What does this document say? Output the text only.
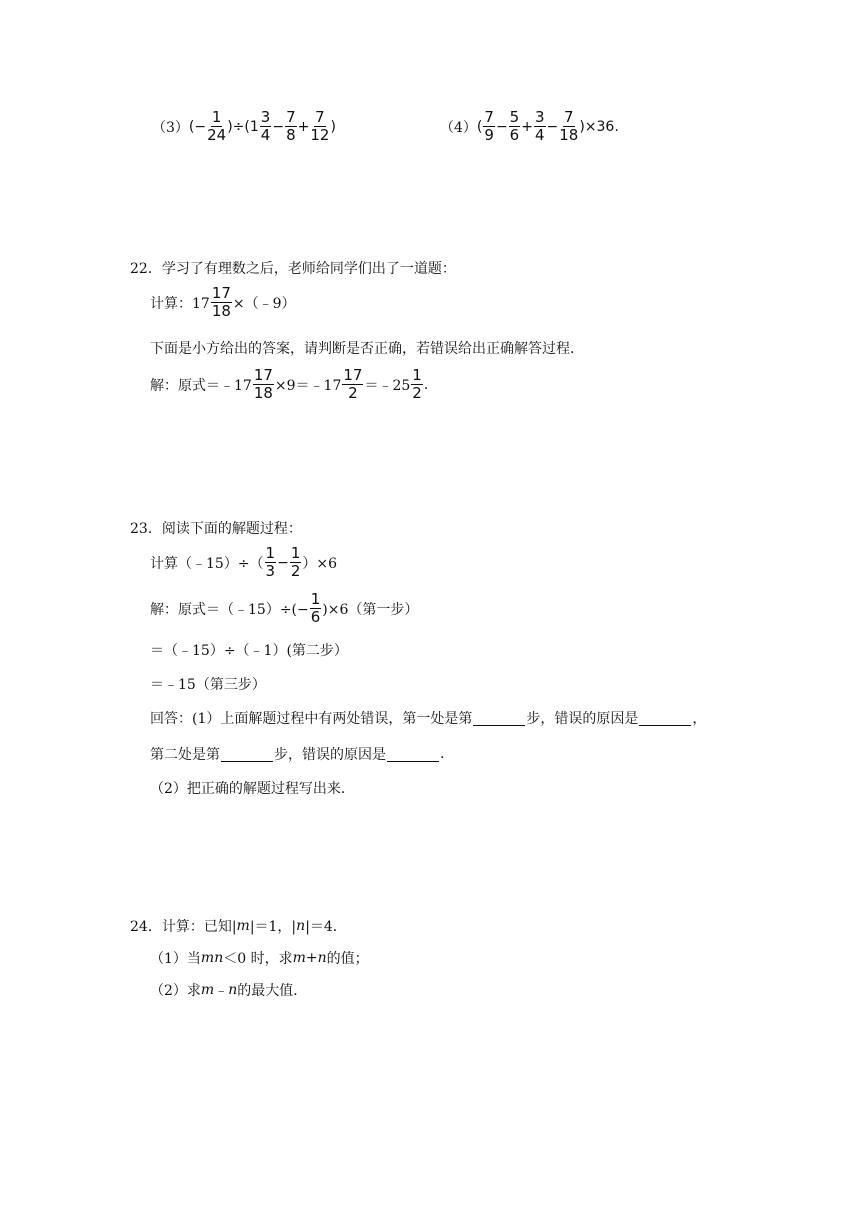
（3） (− $\frac{1}{24} )\div(1 \frac{3}{4} - \frac{7}{8} + \frac{7}{12}$ )	（4） ( $\frac{7}{9} - \frac{5}{6} + \frac{3}{4} - \frac{7}{18} )\times 36$.
22．学习了有理数之后，老师给同学们出了一道题：
计算：$17 \frac{17}{18}$ ×（﹣9）
下面是小方给出的答案，请判断是否正确，若错误给出正确解答过程．
解：原式＝﹣17 $\frac{17}{18}$ ×9＝﹣17 $\frac{17}{2}$ ＝﹣25 $\frac{1}{2}$ .
23．阅读下面的解题过程：
计算（﹣15）÷（ $\frac{1}{3} - \frac{1}{2} )\times 6$
解：原式＝（﹣15）÷(− $\frac{1}{6} )\times 6$（第一步）
＝（﹣15）÷（﹣1）(第二步）
＝﹣15（第三步）
回答：(1）上面解题过程中有两处错误，第一处是第	步，错误的原因是	，
第二处是第	步，错误的原因是	.
（2）把正确的解题过程写出来．
24．计算：已知| m |＝1，| n |＝4．
（1）当 mn ＜0 时，求 m + n 的值；
（2）求 m ﹣ n 的最大值．
